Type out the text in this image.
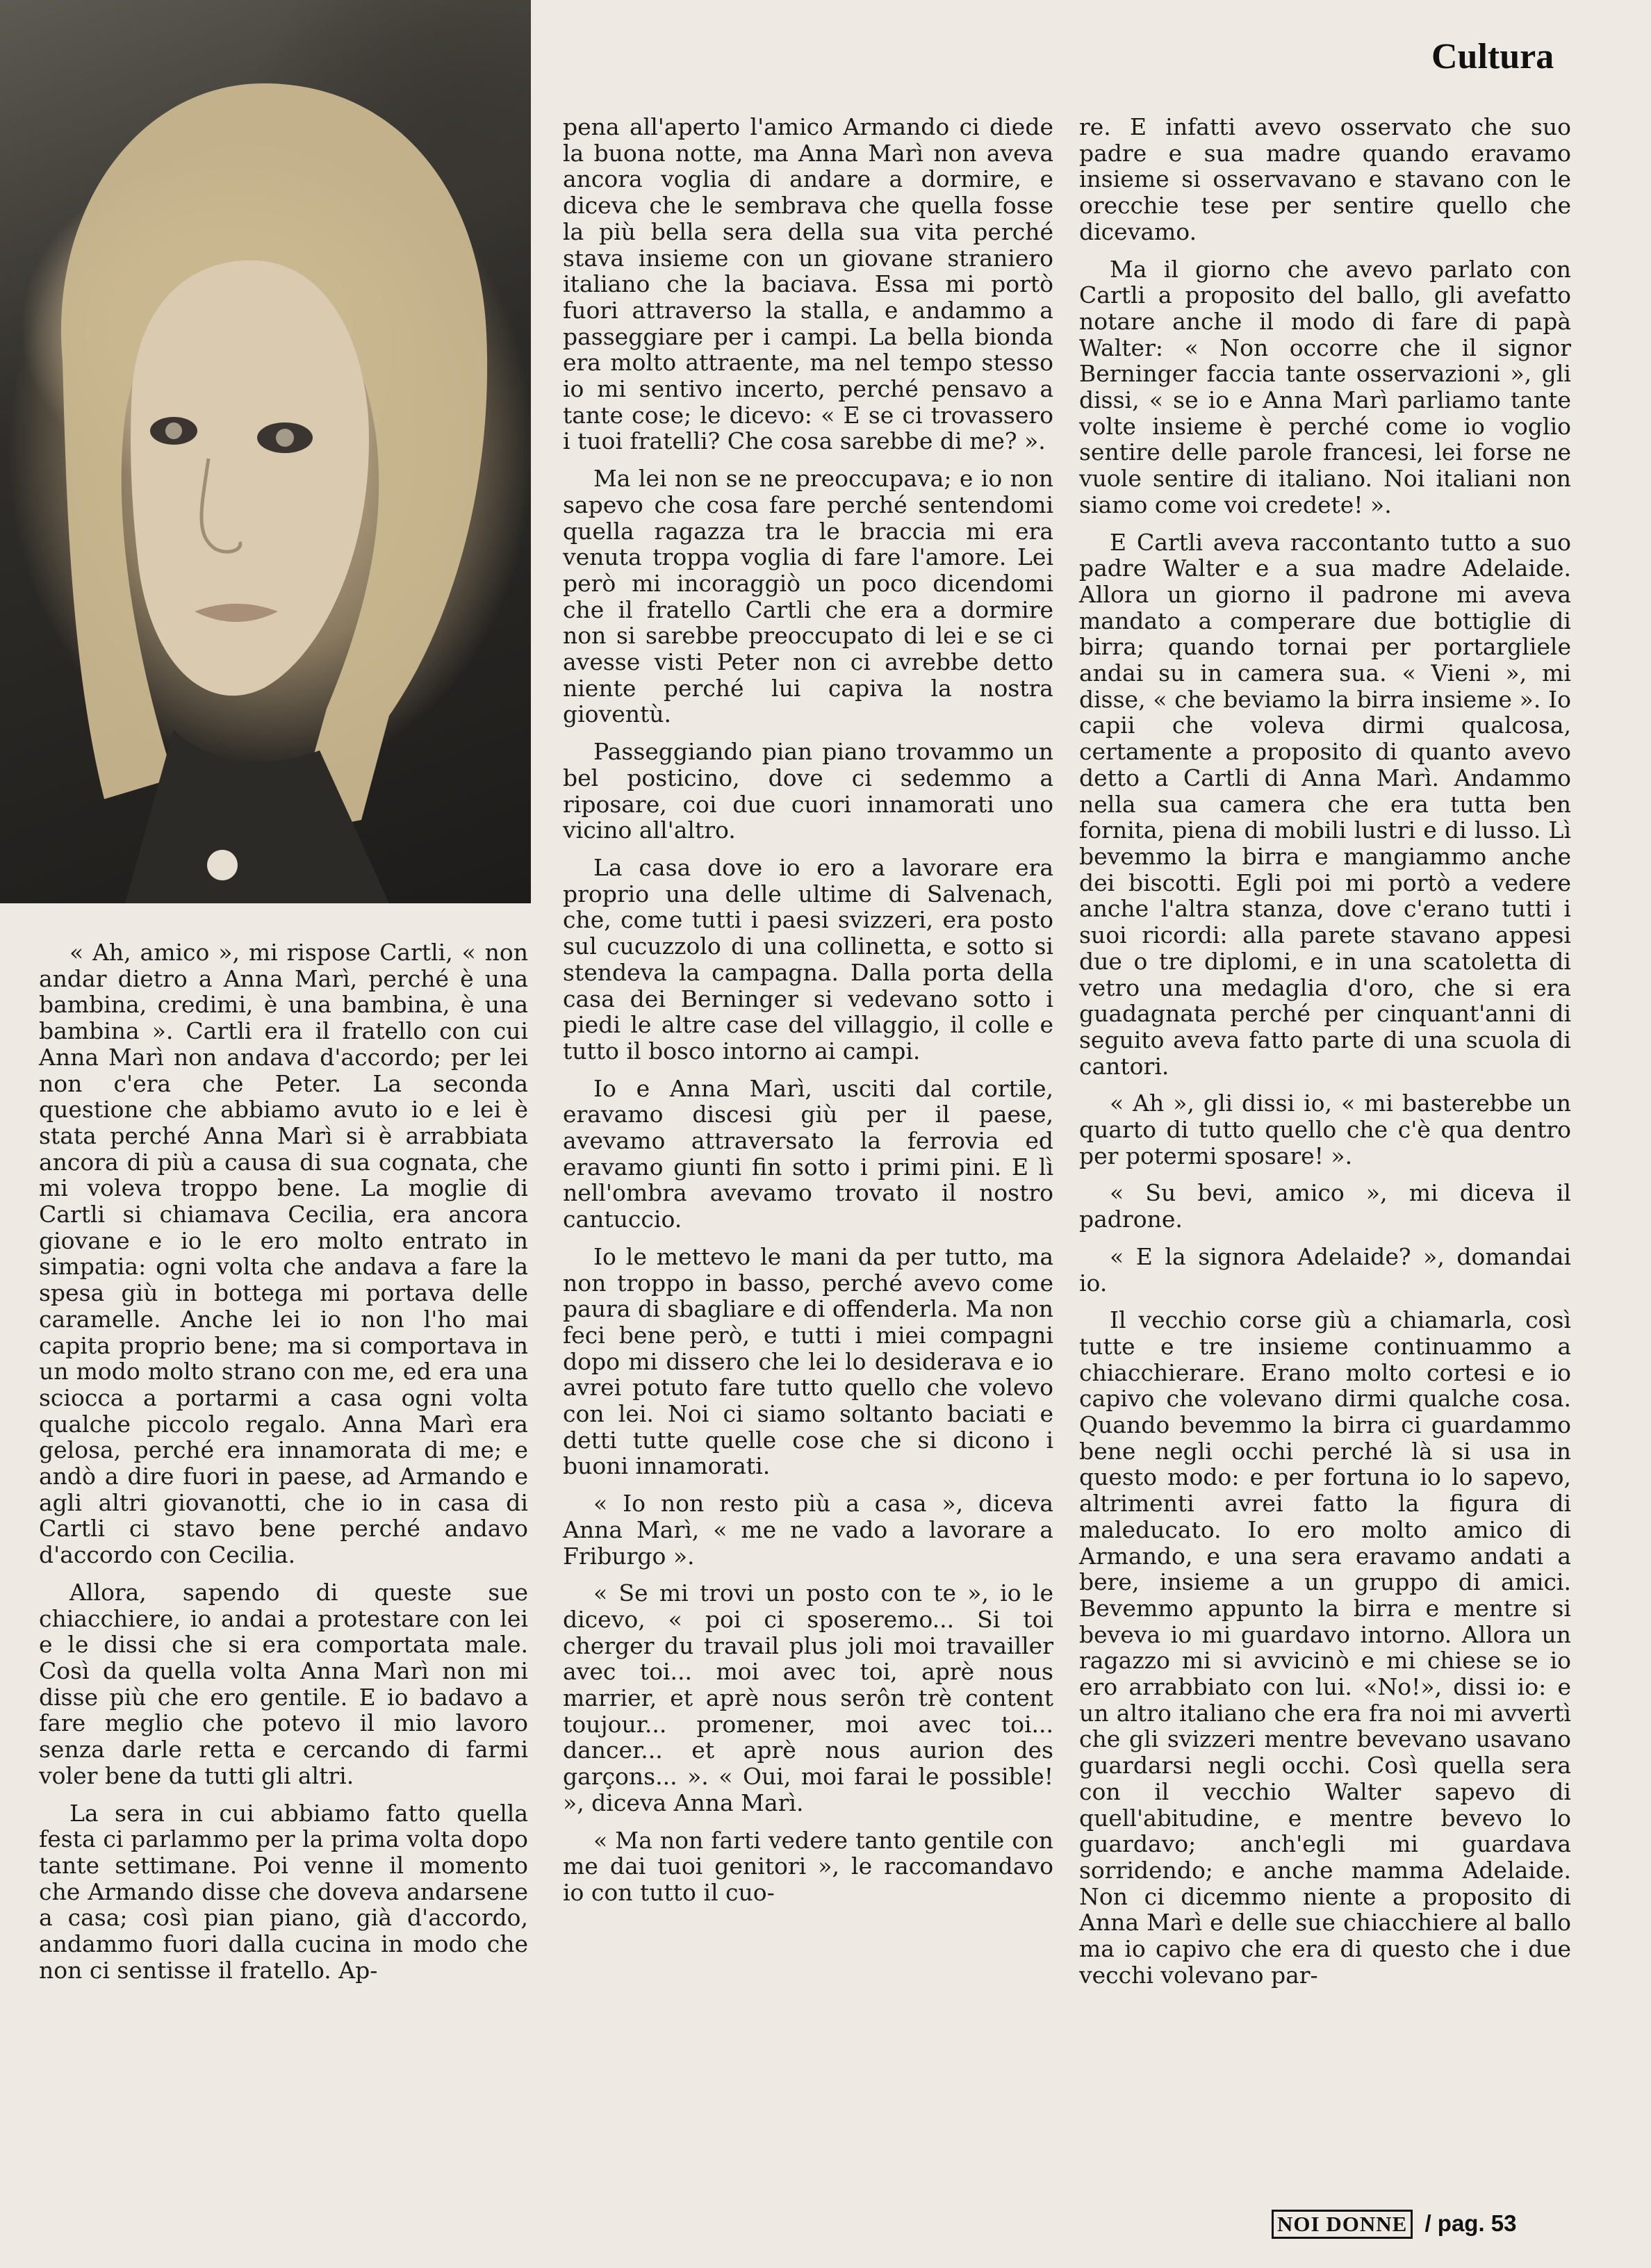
Cultura

« Ah, amico », mi rispose Cartli, « non andar dietro a Anna Marì, perché è una bambina, credimi, è una bambina, è una bambina ». Cartli era il fratello con cui Anna Marì non andava d'accordo; per lei non c'era che Peter. La seconda questione che abbiamo avuto io e lei è stata perché Anna Marì si è arrabbiata ancora di più a causa di sua cognata, che mi voleva troppo bene. La moglie di Cartli si chiamava Cecilia, era ancora giovane e io le ero molto entrato in simpatia: ogni volta che andava a fare la spesa giù in bottega mi portava delle caramelle. Anche lei io non l'ho mai capita proprio bene; ma si comportava in un modo molto strano con me, ed era una sciocca a portarmi a casa ogni volta qualche piccolo regalo. Anna Marì era gelosa, perché era innamorata di me; e andò a dire fuori in paese, ad Armando e agli altri giovanotti, che io in casa di Cartli ci stavo bene perché andavo d'accordo con Cecilia.

Allora, sapendo di queste sue chiacchiere, io andai a protestare con lei e le dissi che si era comportata male. Così da quella volta Anna Marì non mi disse più che ero gentile. E io badavo a fare meglio che potevo il mio lavoro senza darle retta e cercando di farmi voler bene da tutti gli altri.

La sera in cui abbiamo fatto quella festa ci parlammo per la prima volta dopo tante settimane. Poi venne il momento che Armando disse che doveva andarsene a casa; così pian piano, già d'accordo, andammo fuori dalla cucina in modo che non ci sentisse il fratello. Ap-

pena all'aperto l'amico Armando ci diede la buona notte, ma Anna Marì non aveva ancora voglia di andare a dormire, e diceva che le sembrava che quella fosse la più bella sera della sua vita perché stava insieme con un giovane straniero italiano che la baciava. Essa mi portò fuori attraverso la stalla, e andammo a passeggiare per i campi. La bella bionda era molto attraente, ma nel tempo stesso io mi sentivo incerto, perché pensavo a tante cose; le dicevo: « E se ci trovassero i tuoi fratelli? Che cosa sarebbe di me? ».

Ma lei non se ne preoccupava; e io non sapevo che cosa fare perché sentendomi quella ragazza tra le braccia mi era venuta troppa voglia di fare l'amore. Lei però mi incoraggiò un poco dicendomi che il fratello Cartli che era a dormire non si sarebbe preoccupato di lei e se ci avesse visti Peter non ci avrebbe detto niente perché lui capiva la nostra gioventù.

Passeggiando pian piano trovammo un bel posticino, dove ci sedemmo a riposare, coi due cuori innamorati uno vicino all'altro.

La casa dove io ero a lavorare era proprio una delle ultime di Salvenach, che, come tutti i paesi svizzeri, era posto sul cucuzzolo di una collinetta, e sotto si stendeva la campagna. Dalla porta della casa dei Berninger si vedevano sotto i piedi le altre case del villaggio, il colle e tutto il bosco intorno ai campi.

Io e Anna Marì, usciti dal cortile, eravamo discesi giù per il paese, avevamo attraversato la ferrovia ed eravamo giunti fin sotto i primi pini. E lì nell'ombra avevamo trovato il nostro cantuccio.

Io le mettevo le mani da per tutto, ma non troppo in basso, perché avevo come paura di sbagliare e di offenderla. Ma non feci bene però, e tutti i miei compagni dopo mi dissero che lei lo desiderava e io avrei potuto fare tutto quello che volevo con lei. Noi ci siamo soltanto baciati e detti tutte quelle cose che si dicono i buoni innamorati.

« Io non resto più a casa », diceva Anna Marì, « me ne vado a lavorare a Friburgo ».

« Se mi trovi un posto con te », io le dicevo, « poi ci sposeremo... Si toi cherger du travail plus joli moi travailler avec toi... moi avec toi, aprè nous marrier, et aprè nous serôn trè content toujour... promener, moi avec toi... dancer... et aprè nous aurion des garçons... ». « Oui, moi farai le possible! », diceva Anna Marì.

« Ma non farti vedere tanto gentile con me dai tuoi genitori », le raccomandavo io con tutto il cuo-

re. E infatti avevo osservato che suo padre e sua madre quando eravamo insieme si osservavano e stavano con le orecchie tese per sentire quello che dicevamo.

Ma il giorno che avevo parlato con Cartli a proposito del ballo, gli avefatto notare anche il modo di fare di papà Walter: « Non occorre che il signor Berninger faccia tante osservazioni », gli dissi, « se io e Anna Marì parliamo tante volte insieme è perché come io voglio sentire delle parole francesi, lei forse ne vuole sentire di italiano. Noi italiani non siamo come voi credete! ».

E Cartli aveva raccontanto tutto a suo padre Walter e a sua madre Adelaide. Allora un giorno il padrone mi aveva mandato a comperare due bottiglie di birra; quando tornai per portargliele andai su in camera sua. « Vieni », mi disse, « che beviamo la birra insieme ». Io capii che voleva dirmi qualcosa, certamente a proposito di quanto avevo detto a Cartli di Anna Marì. Andammo nella sua camera che era tutta ben fornita, piena di mobili lustri e di lusso. Lì bevemmo la birra e mangiammo anche dei biscotti. Egli poi mi portò a vedere anche l'altra stanza, dove c'erano tutti i suoi ricordi: alla parete stavano appesi due o tre diplomi, e in una scatoletta di vetro una medaglia d'oro, che si era guadagnata perché per cinquant'anni di seguito aveva fatto parte di una scuola di cantori.

« Ah », gli dissi io, « mi basterebbe un quarto di tutto quello che c'è qua dentro per potermi sposare! ».

« Su bevi, amico », mi diceva il padrone.

« E la signora Adelaide? », domandai io.

Il vecchio corse giù a chiamarla, così tutte e tre insieme continuammo a chiacchierare. Erano molto cortesi e io capivo che volevano dirmi qualche cosa. Quando bevemmo la birra ci guardammo bene negli occhi perché là si usa in questo modo: e per fortuna io lo sapevo, altrimenti avrei fatto la figura di maleducato. Io ero molto amico di Armando, e una sera eravamo andati a bere, insieme a un gruppo di amici. Bevemmo appunto la birra e mentre si beveva io mi guardavo intorno. Allora un ragazzo mi si avvicinò e mi chiese se io ero arrabbiato con lui. «No!», dissi io: e un altro italiano che era fra noi mi avvertì che gli svizzeri mentre bevevano usavano guardarsi negli occhi. Così quella sera con il vecchio Walter sapevo di quell'abitudine, e mentre bevevo lo guardavo; anch'egli mi guardava sorridendo; e anche mamma Adelaide. Non ci dicemmo niente a proposito di Anna Marì e delle sue chiacchiere al ballo ma io capivo che era di questo che i due vecchi volevano par-

NOI DONNE / pag. 53
